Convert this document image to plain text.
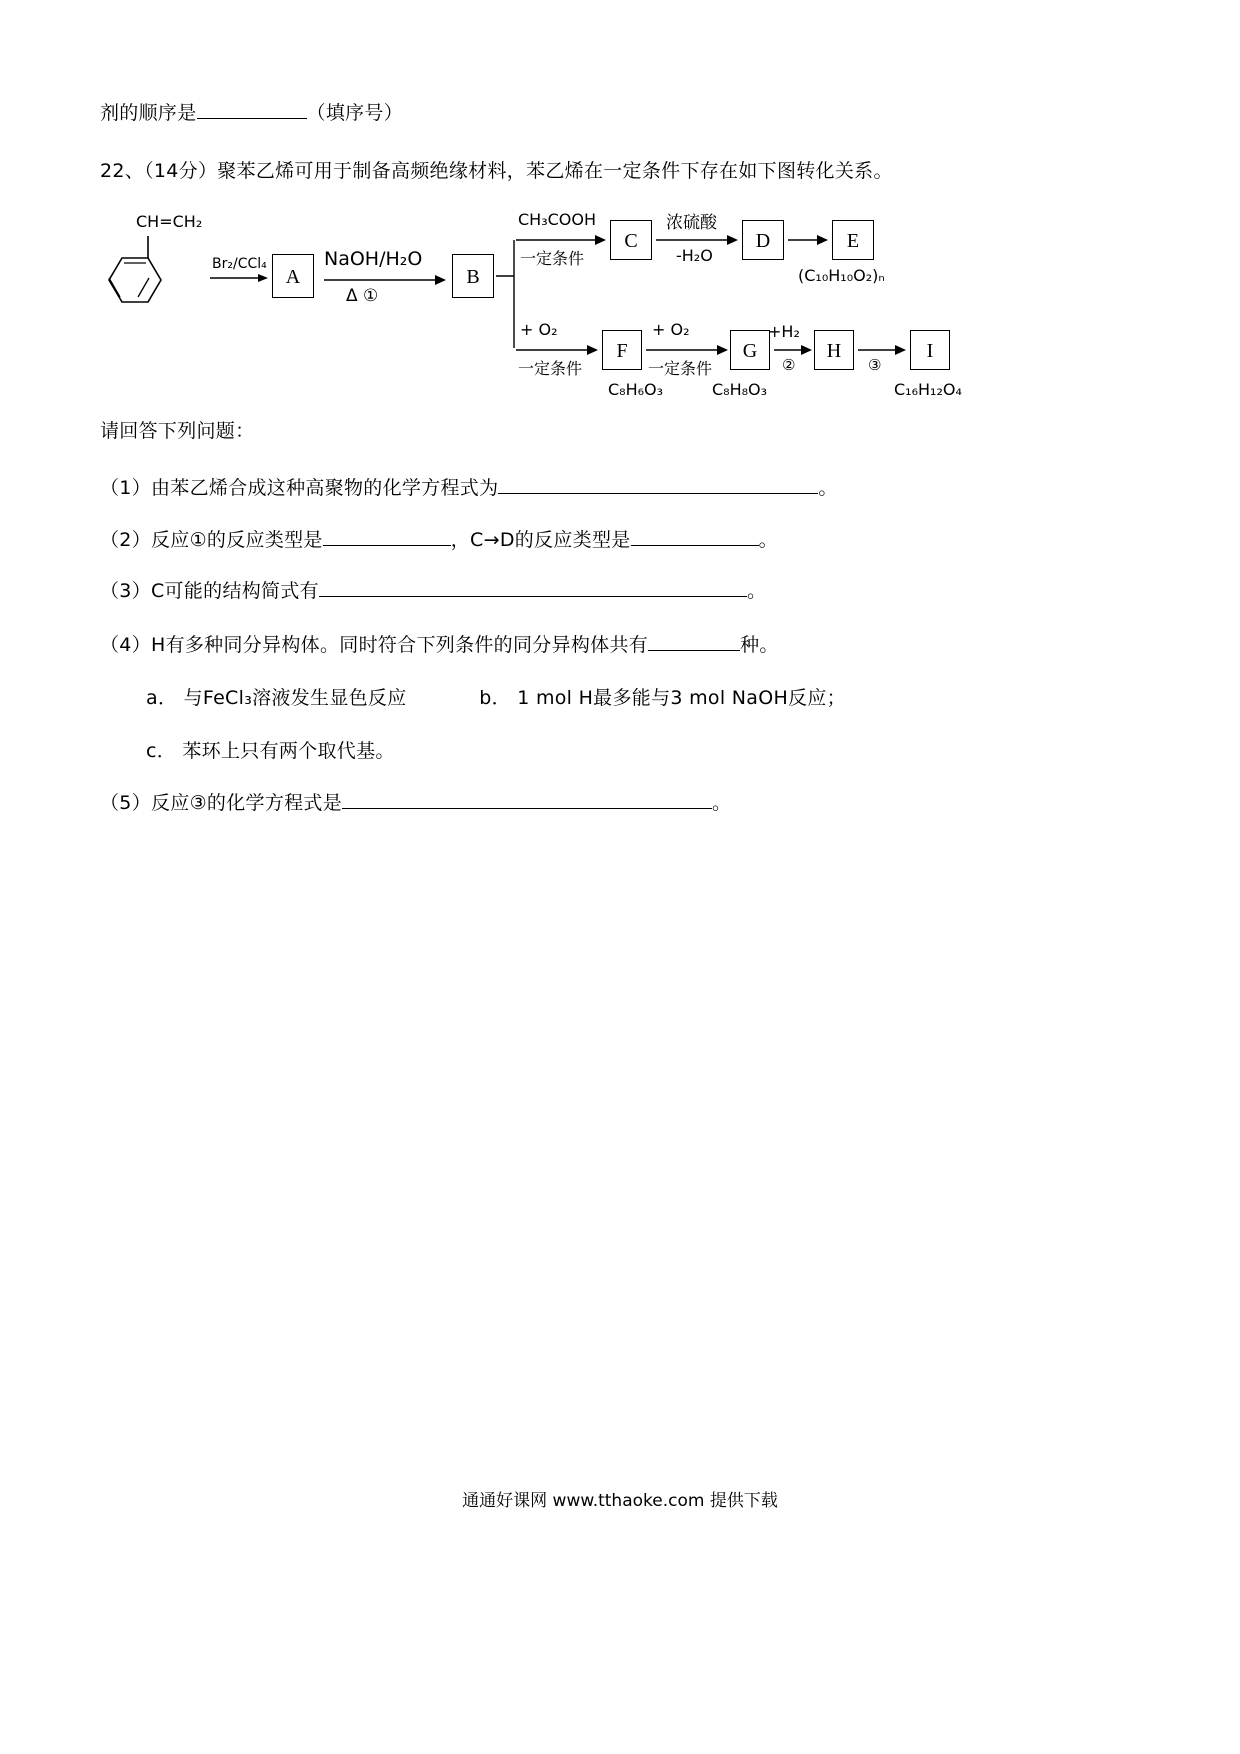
剂的顺序是	（填序号）
22、（14分）聚苯乙烯可用于制备高频绝缘材料，苯乙烯在一定条件下存在如下图转化关系。
CH=CH₂
Br₂/CCl₄
A
NaOH/H₂O
Δ ①
B
CH₃COOH
一定条件
C
浓硫酸
-H₂O
D	E
(C₁₀H₁₀O₂)ₙ
+ O₂
一定条件
F
+ O₂
一定条件
G
+H₂
②
H
③
I
C₈H₆O₃	C₈H₈O₃	C₁₆H₁₂O₄
请回答下列问题：
（1）由苯乙烯合成这种高聚物的化学方程式为	。
（2）反应①的反应类型是	，C→D的反应类型是	。
（3）C可能的结构简式有	。
（4）H有多种同分异构体。同时符合下列条件的同分异构体共有	种。
a． 与FeCl₃溶液发生显色反应	b． 1 mol H最多能与3 mol NaOH反应；
c． 苯环上只有两个取代基。
（5）反应③的化学方程式是	。
通通好课网 www.tthaoke.com 提供下载
